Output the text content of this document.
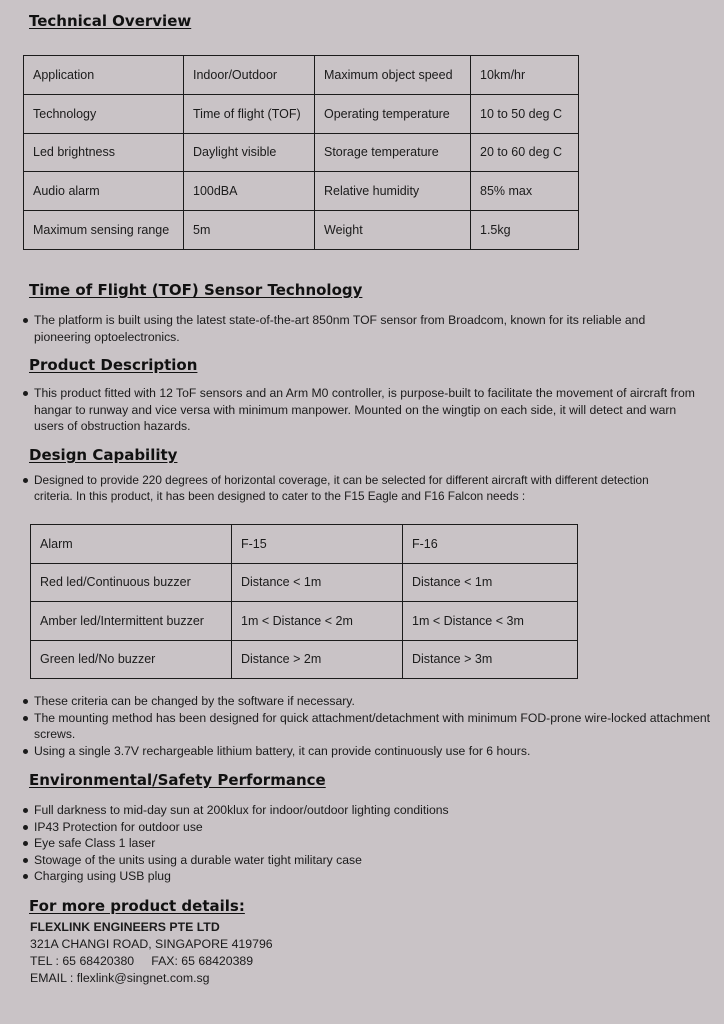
Technical Overview
Application	Indoor/Outdoor	Maximum object speed	10km/hr
Technology	Time of flight (TOF)	Operating temperature	10 to 50 deg C
Led brightness	Daylight visible	Storage temperature	20 to 60 deg C
Audio alarm	100dBA	Relative humidity	85% max
Maximum sensing range	5m	Weight	1.5kg
Time of Flight (TOF) Sensor Technology
The platform is built using the latest state-of-the-art 850nm TOF sensor from Broadcom, known for its reliable and pioneering optoelectronics.
Product Description
This product fitted with 12 ToF sensors and an Arm M0 controller, is purpose-built to facilitate the movement of aircraft from hangar to runway and vice versa with minimum manpower. Mounted on the wingtip on each side, it will detect and warn users of obstruction hazards.
Design Capability
Designed to provide 220 degrees of horizontal coverage, it can be selected for different aircraft with different detection criteria. In this product, it has been designed to cater to the F15 Eagle and F16 Falcon needs :
Alarm	F-15	F-16
Red led/Continuous buzzer	Distance < 1m	Distance < 1m
Amber led/Intermittent buzzer	1m < Distance < 2m	1m < Distance < 3m
Green led/No buzzer	Distance > 2m	Distance > 3m
These criteria can be changed by the software if necessary.
The mounting method has been designed for quick attachment/detachment with minimum FOD-prone wire-locked attachment screws.
Using a single 3.7V rechargeable lithium battery, it can provide continuously use for 6 hours.
Environmental/Safety Performance
Full darkness to mid-day sun at 200klux for indoor/outdoor lighting conditions
IP43 Protection for outdoor use
Eye safe Class 1 laser
Stowage of the units using a durable water tight military case
Charging using USB plug
For more product details:
FLEXLINK ENGINEERS PTE LTD
321A CHANGI ROAD, SINGAPORE 419796
TEL : 65 68420380     FAX: 65 68420389
EMAIL : flexlink@singnet.com.sg
